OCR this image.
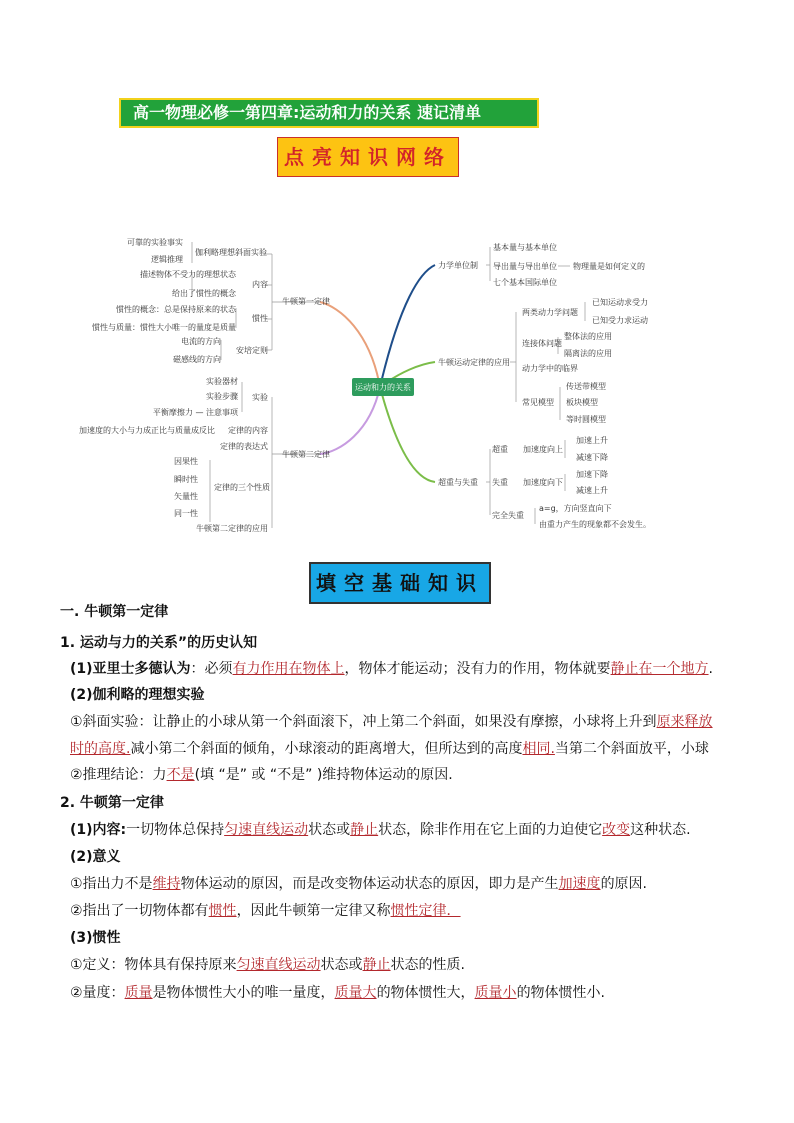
高一物理必修一第四章:运动和力的关系 速记清单
点亮知识网络
运动和力的关系
牛顿第一定律
伽利略理想斜面实验
可靠的实验事实
逻辑推理
内容
描述物体不受力的理想状态
给出了惯性的概念
惯性
惯性的概念：总是保持原来的状态
惯性与质量：惯性大小唯一的量度是质量
安培定则
电流的方向
磁感线的方向
牛顿第二定律
实验
实验器材
实验步骤
平衡摩擦力 — 注意事项
定律的内容
加速度的大小与力成正比与质量成反比
定律的表达式
定律的三个性质
因果性
瞬时性
矢量性
同一性
牛顿第二定律的应用
力学单位制
基本量与基本单位
导出量与导出单位 物理量是如何定义的
七个基本国际单位
牛顿运动定律的应用
两类动力学问题
已知运动求受力
已知受力求运动
连接体问题
整体法的应用
隔离法的应用
动力学中的临界
常见模型
传送带模型
板块模型
等时圆模型
超重与失重
超重 加速度向上
加速上升
减速下降
失重 加速度向下
加速下降
减速上升
完全失重
a=g，方向竖直向下
由重力产生的现象都不会发生。
填空基础知识
一. 牛顿第一定律
1. 运动与力的关系”的历史认知
(1)亚里士多德认为：必须有力作用在物体上，物体才能运动；没有力的作用，物体就要静止在一个地方.
(2)伽利略的理想实验
①斜面实验：让静止的小球从第一个斜面滚下，冲上第二个斜面，如果没有摩擦，小球将上升到原来释放
时的高度.减小第二个斜面的倾角，小球滚动的距离增大，但所达到的高度相同.当第二个斜面放平，小球
②推理结论：力不是(填 “是” 或 “不是” )维持物体运动的原因.
2. 牛顿第一定律
(1)内容:一切物体总保持匀速直线运动状态或静止状态，除非作用在它上面的力迫使它改变这种状态.
(2)意义
①指出力不是维持物体运动的原因，而是改变物体运动状态的原因，即力是产生加速度的原因.
②指出了一切物体都有惯性，因此牛顿第一定律又称惯性定律．
(3)惯性
①定义：物体具有保持原来匀速直线运动状态或静止状态的性质.
②量度：质量是物体惯性大小的唯一量度，质量大的物体惯性大，质量小的物体惯性小.
